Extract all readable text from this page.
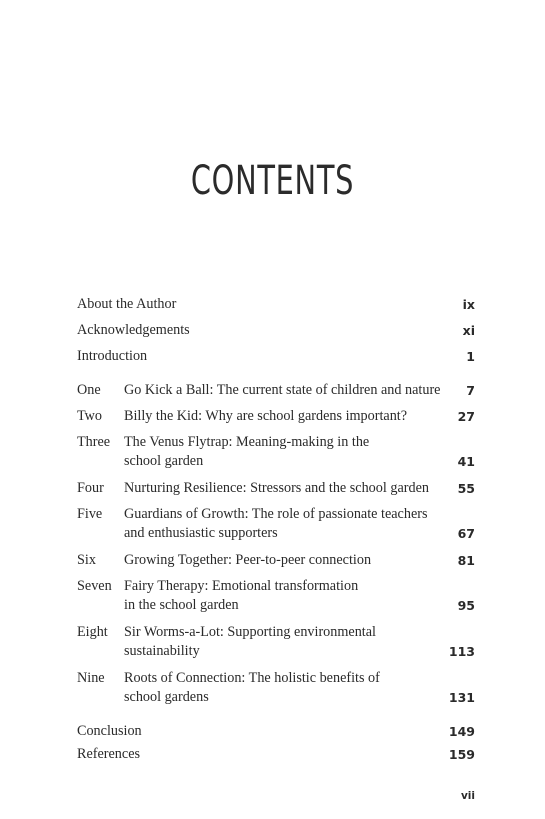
CONTENTS
About the Author	ix
Acknowledgements	xi
Introduction	1
One Go Kick a Ball: The current state of children and nature	7
Two Billy the Kid: Why are school gardens important?	27
Three The Venus Flytrap: Meaning-making in the
school garden	41
Four Nurturing Resilience: Stressors and the school garden	55
Five Guardians of Growth: The role of passionate teachers
and enthusiastic supporters	67
Six Growing Together: Peer-to-peer connection	81
Seven Fairy Therapy: Emotional transformation
in the school garden	95
Eight Sir Worms-a-Lot: Supporting environmental
sustainability	113
Nine Roots of Connection: The holistic benefits of
school gardens	131
Conclusion	149
References	159
vii
